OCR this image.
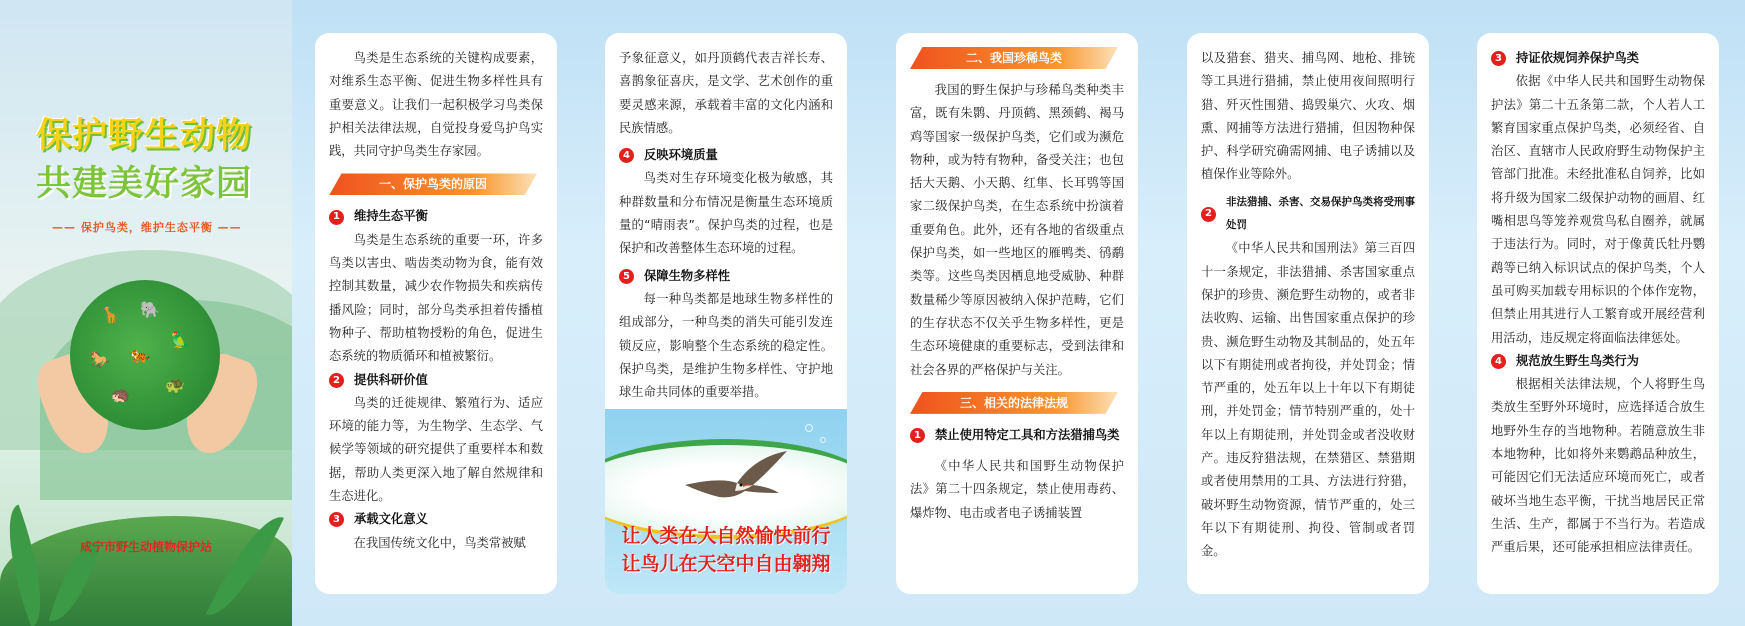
保护野生动物
共建美好家园
—— 保护鸟类，维护生态平衡 ——
🦒 🐘
🦜
🐎 🐅
🐢
🦔
咸宁市野生动植物保护站

鸟类是生态系统的关键构成要素，对维系生态平衡、促进生物多样性具有重要意义。让我们一起积极学习鸟类保护相关法律法规，自觉投身爱鸟护鸟实践，共同守护鸟类生存家园。

一、保护鸟类的原因
1	维持生态平衡

鸟类是生态系统的重要一环，许多鸟类以害虫、啮齿类动物为食，能有效控制其数量，减少农作物损失和疾病传播风险；同时，部分鸟类承担着传播植物种子、帮助植物授粉的角色，促进生态系统的物质循环和植被繁衍。

2	提供科研价值

鸟类的迁徙规律、繁殖行为、适应环境的能力等，为生物学、生态学、气候学等领域的研究提供了重要样本和数据，帮助人类更深入地了解自然规律和生态进化。

3	承载文化意义

在我国传统文化中，鸟类常被赋

予象征意义，如丹顶鹤代表吉祥长寿、喜鹊象征喜庆，是文学、艺术创作的重要灵感来源，承载着丰富的文化内涵和民族情感。

4	反映环境质量

鸟类对生存环境变化极为敏感，其种群数量和分布情况是衡量生态环境质量的“晴雨表”。保护鸟类的过程，也是保护和改善整体生态环境的过程。

5	保障生物多样性

每一种鸟类都是地球生物多样性的组成部分，一种鸟类的消失可能引发连锁反应，影响整个生态系统的稳定性。保护鸟类，是维护生物多样性、守护地球生命共同体的重要举措。

让人类在大自然愉快前行
让鸟儿在天空中自由翱翔
二、我国珍稀鸟类

我国的野生保护与珍稀鸟类种类丰富，既有朱鹮、丹顶鹤、黑颈鹤、褐马鸡等国家一级保护鸟类，它们或为濒危物种，或为特有物种，备受关注；也包括大天鹅、小天鹅、红隼、长耳鸮等国家二级保护鸟类，在生态系统中扮演着重要角色。此外，还有各地的省级重点保护鸟类，如一些地区的雁鸭类、鸻鹬类等。这些鸟类因栖息地受威胁、种群数量稀少等原因被纳入保护范畴，它们的生存状态不仅关乎生物多样性，更是生态环境健康的重要标志，受到法律和社会各界的严格保护与关注。

三、相关的法律法规
1	禁止使用特定工具和方法猎捕鸟类

《中华人民共和国野生动物保护法》第二十四条规定，禁止使用毒药、爆炸物、电击或者电子诱捕装置

以及猎套、猎夹、捕鸟网、地枪、排铳等工具进行猎捕，禁止使用夜间照明行猎、歼灭性围猎、捣毁巢穴、火攻、烟熏、网捕等方法进行猎捕，但因物种保护、科学研究确需网捕、电子诱捕以及植保作业等除外。

2
非法猎捕、杀害、交易保护鸟类将受刑事处罚

《中华人民共和国刑法》第三百四十一条规定，非法猎捕、杀害国家重点保护的珍贵、濒危野生动物的，或者非法收购、运输、出售国家重点保护的珍贵、濒危野生动物及其制品的，处五年以下有期徒刑或者拘役，并处罚金；情节严重的，处五年以上十年以下有期徒刑，并处罚金；情节特别严重的，处十年以上有期徒刑，并处罚金或者没收财产。违反狩猎法规，在禁猎区、禁猎期或者使用禁用的工具、方法进行狩猎，破坏野生动物资源，情节严重的，处三年以下有期徒刑、拘役、管制或者罚金。

3	持证依规饲养保护鸟类

依据《中华人民共和国野生动物保护法》第二十五条第二款，个人若人工繁育国家重点保护鸟类，必须经省、自治区、直辖市人民政府野生动物保护主管部门批准。未经批准私自饲养，比如将升级为国家二级保护动物的画眉、红嘴相思鸟等笼养观赏鸟私自圈养，就属于违法行为。同时，对于像黄氏牡丹鹦鹉等已纳入标识试点的保护鸟类，个人虽可购买加载专用标识的个体作宠物，但禁止用其进行人工繁育或开展经营利用活动，违反规定将面临法律惩处。

4	规范放生野生鸟类行为

根据相关法律法规，个人将野生鸟类放生至野外环境时，应选择适合放生地野外生存的当地物种。若随意放生非本地物种，比如将外来鹦鹉品种放生，可能因它们无法适应环境而死亡，或者破坏当地生态平衡，干扰当地居民正常生活、生产，都属于不当行为。若造成严重后果，还可能承担相应法律责任。
